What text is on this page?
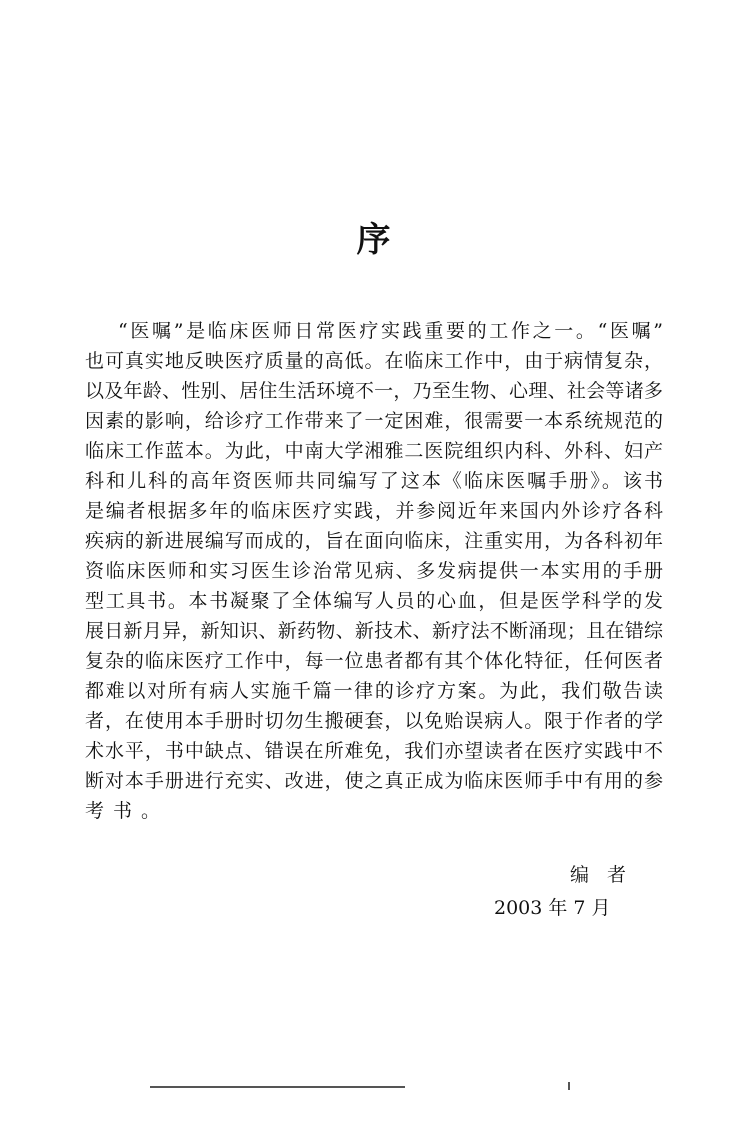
序
“医嘱”是临床医师日常医疗实践重要的工作之一。“医嘱”
也可真实地反映医疗质量的高低。在临床工作中，由于病情复杂，
以及年龄、性别、居住生活环境不一，乃至生物、心理、社会等诸多
因素的影响，给诊疗工作带来了一定困难，很需要一本系统规范的
临床工作蓝本。为此，中南大学湘雅二医院组织内科、外科、妇产
科和儿科的高年资医师共同编写了这本《临床医嘱手册》。该书
是编者根据多年的临床医疗实践，并参阅近年来国内外诊疗各科
疾病的新进展编写而成的，旨在面向临床，注重实用，为各科初年
资临床医师和实习医生诊治常见病、多发病提供一本实用的手册
型工具书。本书凝聚了全体编写人员的心血，但是医学科学的发
展日新月异，新知识、新药物、新技术、新疗法不断涌现；且在错综
复杂的临床医疗工作中，每一位患者都有其个体化特征，任何医者
都难以对所有病人实施千篇一律的诊疗方案。为此，我们敬告读
者，在使用本手册时切勿生搬硬套，以免贻误病人。限于作者的学
术水平，书中缺点、错误在所难免，我们亦望读者在医疗实践中不
断对本手册进行充实、改进，使之真正成为临床医师手中有用的参
考书。
编者
2003 年 7 月
